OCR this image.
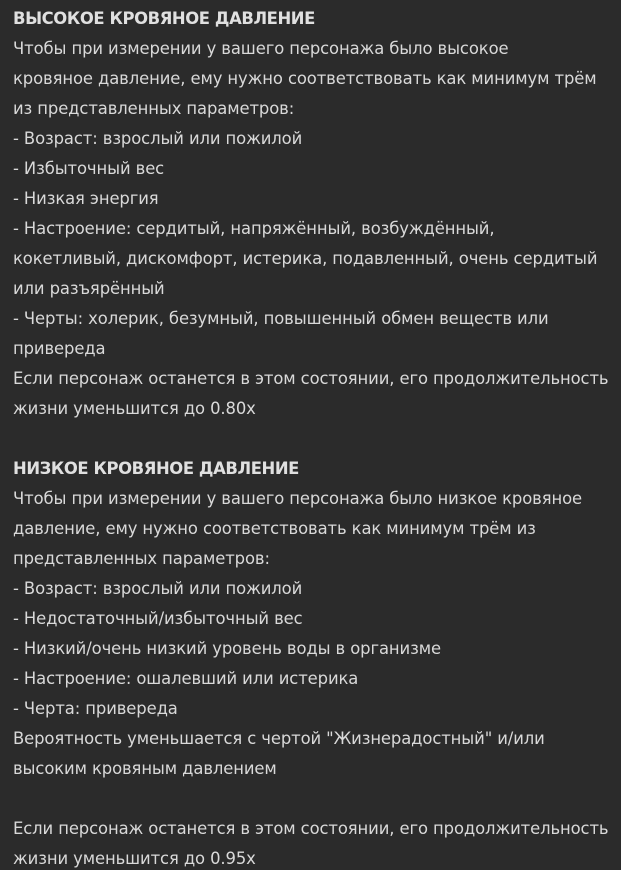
ВЫСОКОЕ КРОВЯНОЕ ДАВЛЕНИЕ
Чтобы при измерении у вашего персонажа было высокое
кровяное давление, ему нужно соответствовать как минимум трём
из представленных параметров:
- Возраст: взрослый или пожилой
- Избыточный вес
- Низкая энергия
- Настроение: сердитый, напряжённый, возбуждённый,
кокетливый, дискомфорт, истерика, подавленный, очень сердитый
или разъярённый
- Черты: холерик, безумный, повышенный обмен веществ или
привереда
Если персонаж останется в этом состоянии, его продолжительность
жизни уменьшится до 0.80x
НИЗКОЕ КРОВЯНОЕ ДАВЛЕНИЕ
Чтобы при измерении у вашего персонажа было низкое кровяное
давление, ему нужно соответствовать как минимум трём из
представленных параметров:
- Возраст: взрослый или пожилой
- Недостаточный/избыточный вес
- Низкий/очень низкий уровень воды в организме
- Настроение: ошалевший или истерика
- Черта: привереда
Вероятность уменьшается с чертой "Жизнерадостный" и/или
высоким кровяным давлением
Если персонаж останется в этом состоянии, его продолжительность
жизни уменьшится до 0.95x
